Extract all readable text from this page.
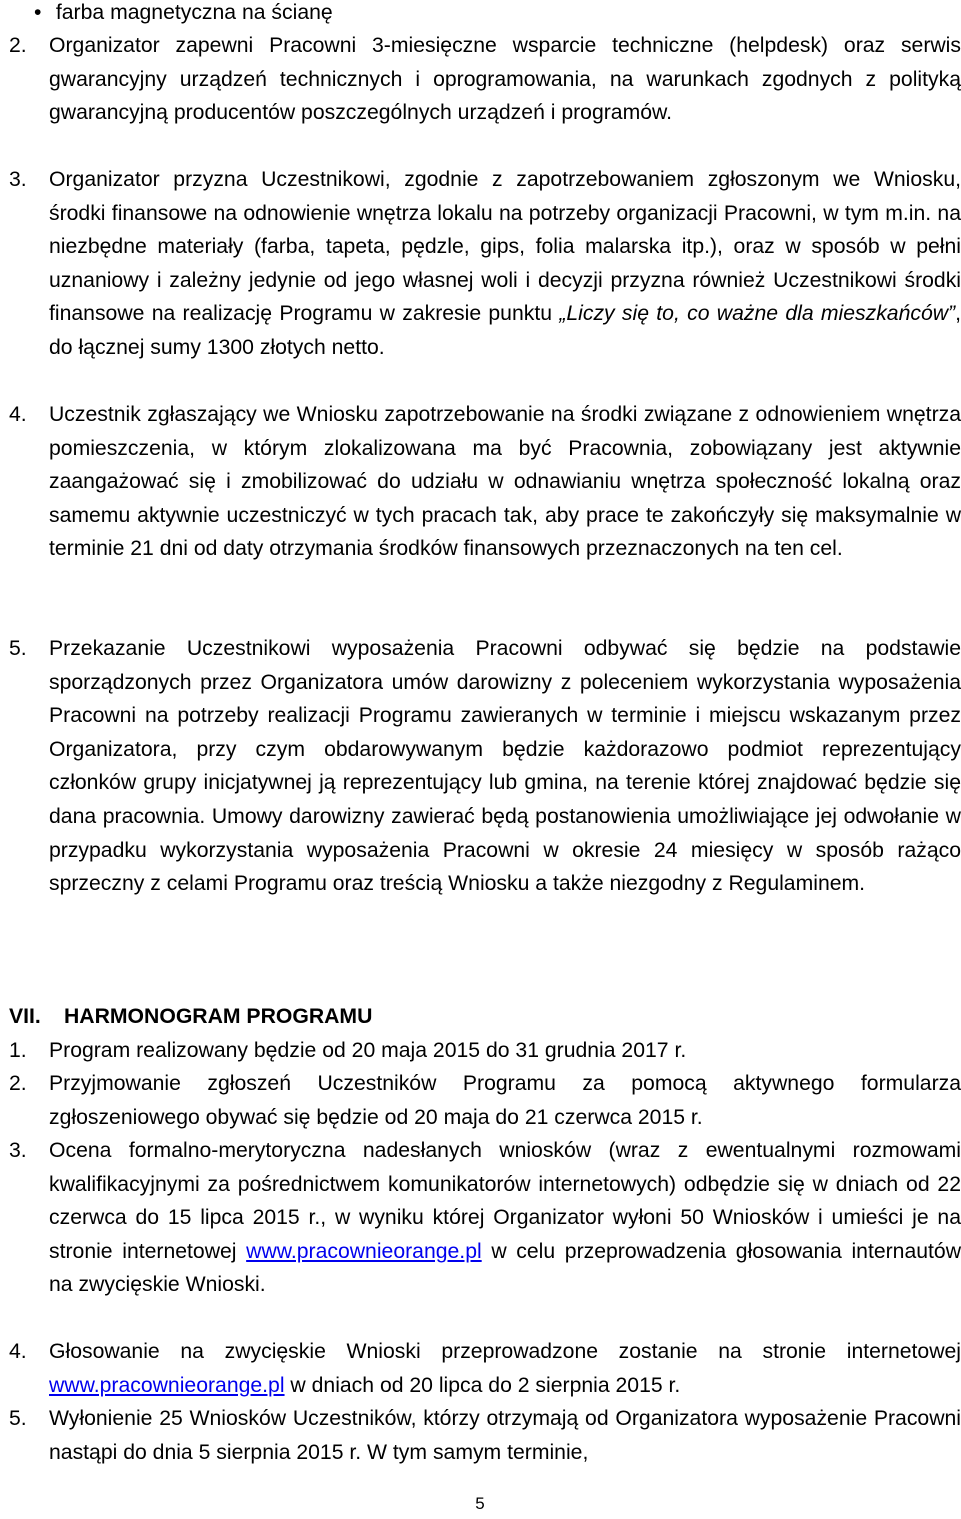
• farba magnetyczna na ścianę
2.	Organizator zapewni Pracowni 3-miesięczne wsparcie techniczne (helpdesk) oraz serwis gwarancyjny urządzeń technicznych i oprogramowania, na warunkach zgodnych z polityką gwarancyjną producentów poszczególnych urządzeń i programów.
3.	Organizator przyzna Uczestnikowi, zgodnie z zapotrzebowaniem zgłoszonym we Wniosku, środki finansowe na odnowienie wnętrza lokalu na potrzeby organizacji Pracowni, w tym m.in. na niezbędne materiały (farba, tapeta, pędzle, gips, folia malarska itp.), oraz w sposób w pełni uznaniowy i zależny jedynie od jego własnej woli i decyzji przyzna również Uczestnikowi środki finansowe na realizację Programu w zakresie punktu „Liczy się to, co ważne dla mieszkańców”, do łącznej sumy 1300 złotych netto.
4.	Uczestnik zgłaszający we Wniosku zapotrzebowanie na środki związane z odnowieniem wnętrza pomieszczenia, w którym zlokalizowana ma być Pracownia, zobowiązany jest aktywnie zaangażować się i zmobilizować do udziału w odnawianiu wnętrza społeczność lokalną oraz samemu aktywnie uczestniczyć w tych pracach tak, aby prace te zakończyły się maksymalnie w terminie 21 dni od daty otrzymania środków finansowych przeznaczonych na ten cel.
5.	Przekazanie Uczestnikowi wyposażenia Pracowni odbywać się będzie na podstawie sporządzonych przez Organizatora umów darowizny z poleceniem wykorzystania wyposażenia Pracowni na potrzeby realizacji Programu zawieranych w terminie i miejscu wskazanym przez Organizatora, przy czym obdarowywanym będzie każdorazowo podmiot reprezentujący członków grupy inicjatywnej ją reprezentujący lub gmina, na terenie której znajdować będzie się dana pracownia. Umowy darowizny zawierać będą postanowienia umożliwiające jej odwołanie w przypadku wykorzystania wyposażenia Pracowni w okresie 24 miesięcy w sposób rażąco sprzeczny z celami Programu oraz treścią Wniosku a także niezgodny z Regulaminem.
VII. HARMONOGRAM PROGRAMU
1.	Program realizowany będzie od 20 maja 2015 do 31 grudnia 2017 r.
2.	Przyjmowanie zgłoszeń Uczestników Programu za pomocą aktywnego formularza zgłoszeniowego obywać się będzie od 20 maja do 21 czerwca 2015 r.
3.	Ocena formalno-merytoryczna nadesłanych wniosków (wraz z ewentualnymi rozmowami kwalifikacyjnymi za pośrednictwem komunikatorów internetowych) odbędzie się w dniach od 22 czerwca do 15 lipca 2015 r., w wyniku której Organizator wyłoni 50 Wniosków i umieści je na stronie internetowej www.pracownieorange.pl w celu przeprowadzenia głosowania internautów na zwycięskie Wnioski.
4.	Głosowanie na zwycięskie Wnioski przeprowadzone zostanie na stronie internetowej www.pracownieorange.pl w dniach od 20 lipca do 2 sierpnia 2015 r.
5.	Wyłonienie 25 Wniosków Uczestników, którzy otrzymają od Organizatora wyposażenie Pracowni nastąpi do dnia 5 sierpnia 2015 r. W tym samym terminie,
5
